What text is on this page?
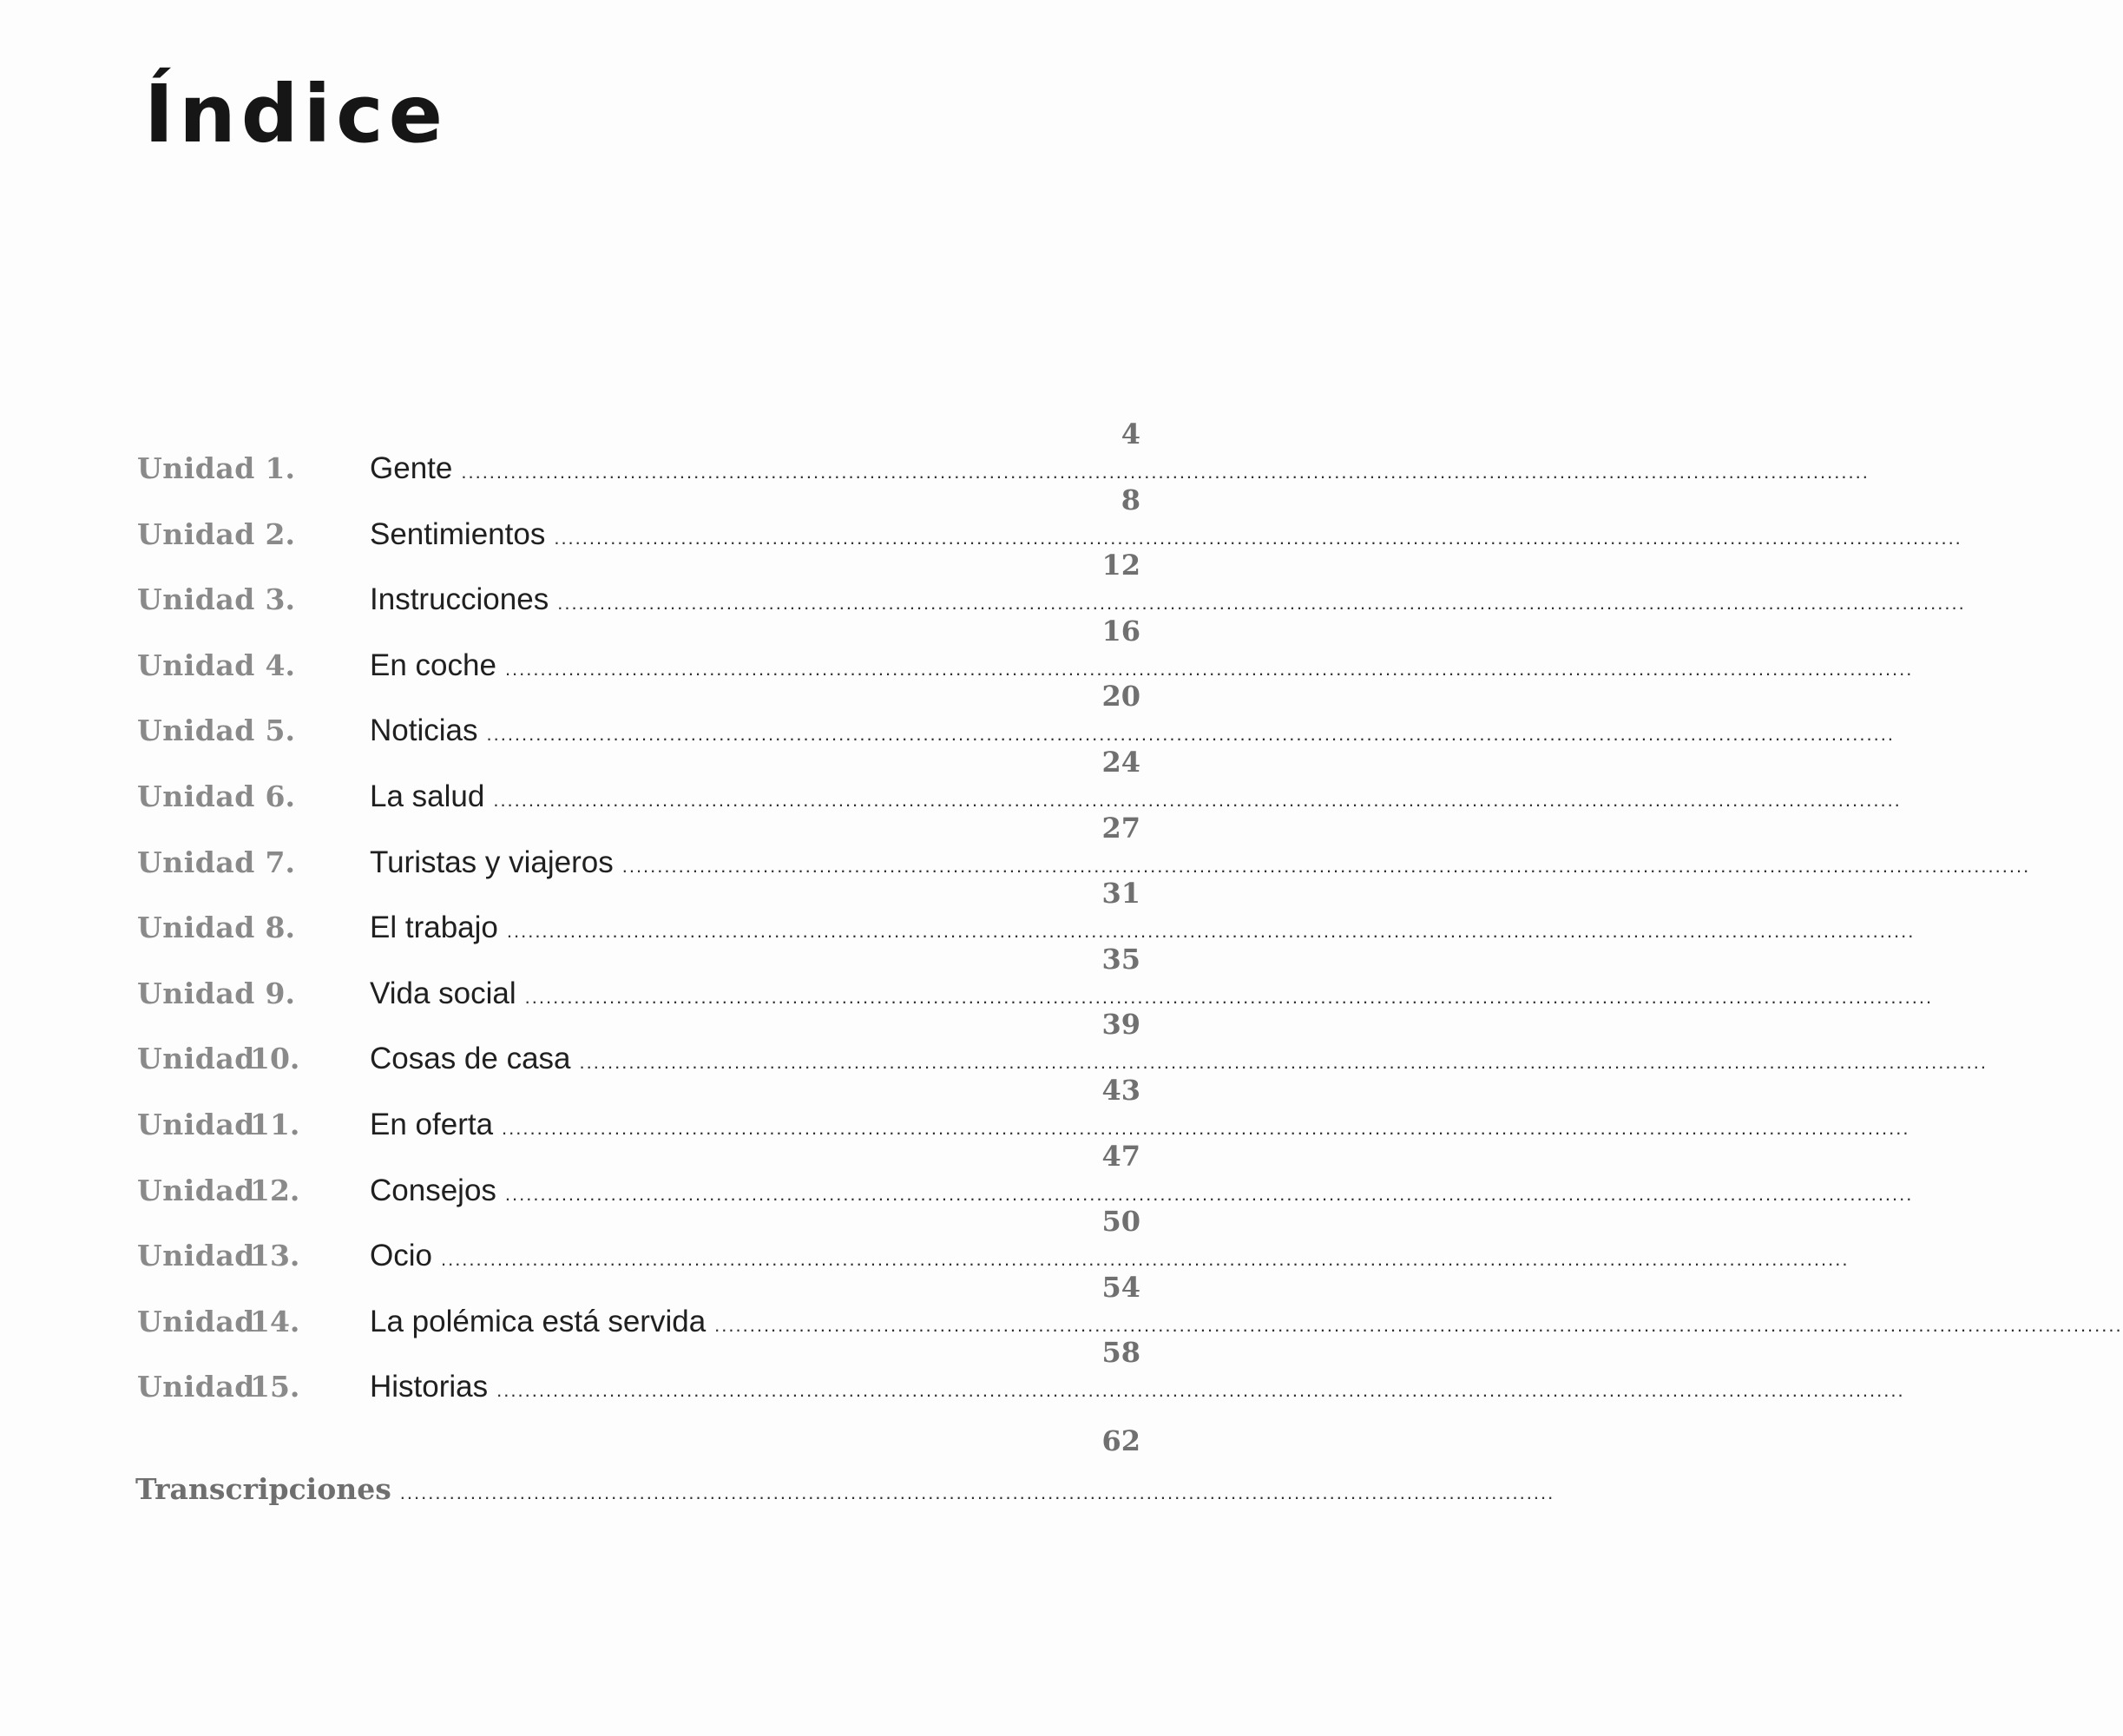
Índice
Unidad 1. Gente ........................................................................................................................................................................................................
4
Unidad 2. Sentimientos ........................................................................................................................................................................................................
8
Unidad 3. Instrucciones ........................................................................................................................................................................................................
12
Unidad 4. En coche ........................................................................................................................................................................................................
16
Unidad 5. Noticias ........................................................................................................................................................................................................
20
Unidad 6. La salud ........................................................................................................................................................................................................
24
Unidad 7. Turistas y viajeros ........................................................................................................................................................................................................
27
Unidad 8. El trabajo ........................................................................................................................................................................................................
31
Unidad 9. Vida social ........................................................................................................................................................................................................
35
Unidad
10. Cosas de casa ........................................................................................................................................................................................................
39
Unidad
11. En oferta ........................................................................................................................................................................................................
43
Unidad
12. Consejos ........................................................................................................................................................................................................
47
Unidad
13. Ocio ........................................................................................................................................................................................................
50
Unidad
14. La polémica está servida ........................................................................................................................................................................................................
54
Unidad
15. Historias ........................................................................................................................................................................................................
58
Transcripciones ....................................................................................................................................................................
62
